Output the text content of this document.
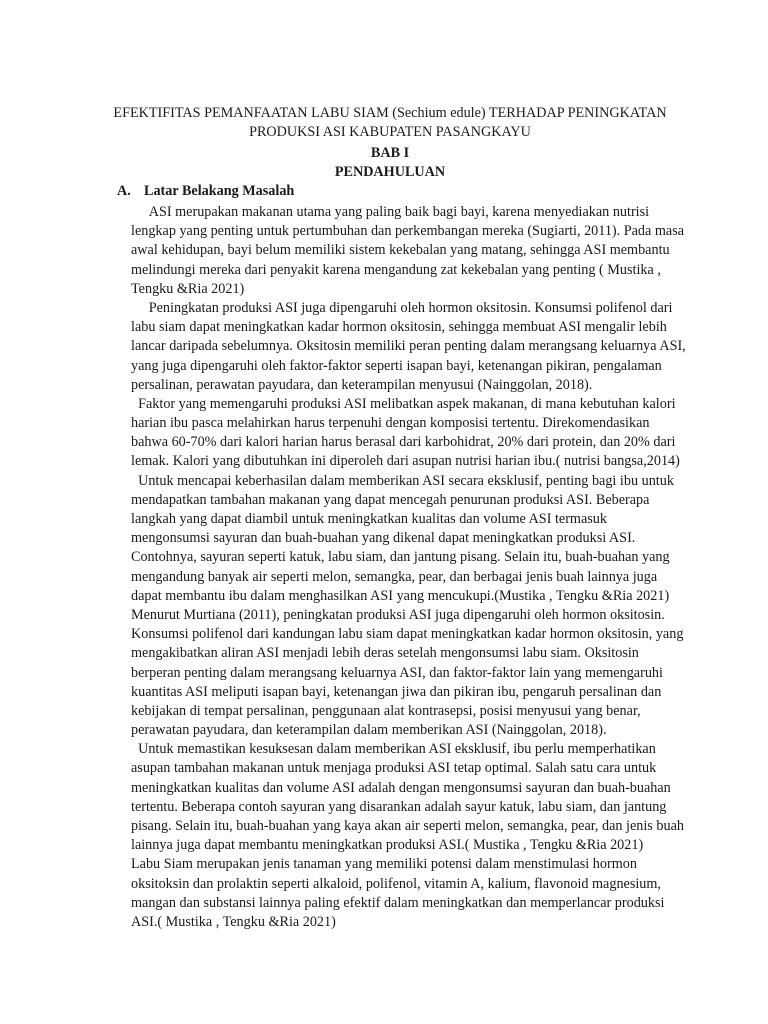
EFEKTIFITAS PEMANFAATAN LABU SIAM (Sechium edule) TERHADAP PENINGKATAN
PRODUKSI ASI KABUPATEN PASANGKAYU
BAB I
PENDAHULUAN
A. Latar Belakang Masalah
ASI merupakan makanan utama yang paling baik bagi bayi, karena menyediakan nutrisi
lengkap yang penting untuk pertumbuhan dan perkembangan mereka (Sugiarti, 2011). Pada masa
awal kehidupan, bayi belum memiliki sistem kekebalan yang matang, sehingga ASI membantu
melindungi mereka dari penyakit karena mengandung zat kekebalan yang penting ( Mustika ,
Tengku &Ria 2021)
Peningkatan produksi ASI juga dipengaruhi oleh hormon oksitosin. Konsumsi polifenol dari
labu siam dapat meningkatkan kadar hormon oksitosin, sehingga membuat ASI mengalir lebih
lancar daripada sebelumnya. Oksitosin memiliki peran penting dalam merangsang keluarnya ASI,
yang juga dipengaruhi oleh faktor-faktor seperti isapan bayi, ketenangan pikiran, pengalaman
persalinan, perawatan payudara, dan keterampilan menyusui (Nainggolan, 2018).
Faktor yang memengaruhi produksi ASI melibatkan aspek makanan, di mana kebutuhan kalori
harian ibu pasca melahirkan harus terpenuhi dengan komposisi tertentu. Direkomendasikan
bahwa 60-70% dari kalori harian harus berasal dari karbohidrat, 20% dari protein, dan 20% dari
lemak. Kalori yang dibutuhkan ini diperoleh dari asupan nutrisi harian ibu.( nutrisi bangsa,2014)
Untuk mencapai keberhasilan dalam memberikan ASI secara eksklusif, penting bagi ibu untuk
mendapatkan tambahan makanan yang dapat mencegah penurunan produksi ASI. Beberapa
langkah yang dapat diambil untuk meningkatkan kualitas dan volume ASI termasuk
mengonsumsi sayuran dan buah-buahan yang dikenal dapat meningkatkan produksi ASI.
Contohnya, sayuran seperti katuk, labu siam, dan jantung pisang. Selain itu, buah-buahan yang
mengandung banyak air seperti melon, semangka, pear, dan berbagai jenis buah lainnya juga
dapat membantu ibu dalam menghasilkan ASI yang mencukupi.(Mustika , Tengku &Ria 2021)
Menurut Murtiana (2011), peningkatan produksi ASI juga dipengaruhi oleh hormon oksitosin.
Konsumsi polifenol dari kandungan labu siam dapat meningkatkan kadar hormon oksitosin, yang
mengakibatkan aliran ASI menjadi lebih deras setelah mengonsumsi labu siam. Oksitosin
berperan penting dalam merangsang keluarnya ASI, dan faktor-faktor lain yang memengaruhi
kuantitas ASI meliputi isapan bayi, ketenangan jiwa dan pikiran ibu, pengaruh persalinan dan
kebijakan di tempat persalinan, penggunaan alat kontrasepsi, posisi menyusui yang benar,
perawatan payudara, dan keterampilan dalam memberikan ASI (Nainggolan, 2018).
Untuk memastikan kesuksesan dalam memberikan ASI eksklusif, ibu perlu memperhatikan
asupan tambahan makanan untuk menjaga produksi ASI tetap optimal. Salah satu cara untuk
meningkatkan kualitas dan volume ASI adalah dengan mengonsumsi sayuran dan buah-buahan
tertentu. Beberapa contoh sayuran yang disarankan adalah sayur katuk, labu siam, dan jantung
pisang. Selain itu, buah-buahan yang kaya akan air seperti melon, semangka, pear, dan jenis buah
lainnya juga dapat membantu meningkatkan produksi ASI.( Mustika , Tengku &Ria 2021)
Labu Siam merupakan jenis tanaman yang memiliki potensi dalam menstimulasi hormon
oksitoksin dan prolaktin seperti alkaloid, polifenol, vitamin A, kalium, flavonoid magnesium,
mangan dan substansi lainnya paling efektif dalam meningkatkan dan memperlancar produksi
ASI.( Mustika , Tengku &Ria 2021)
